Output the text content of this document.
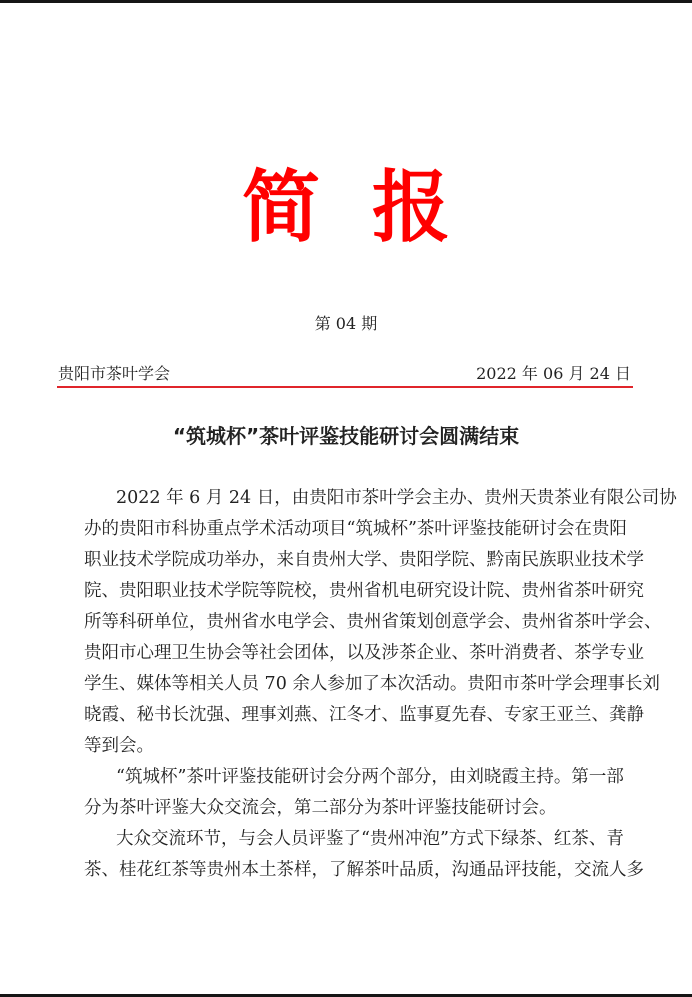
简 报
第 04 期
贵阳市茶叶学会	2022 年 06 月 24 日
“筑城杯”茶叶评鉴技能研讨会圆满结束
2022 年 6 月 24 日，由贵阳市茶叶学会主办、贵州天贵茶业有限公司协
办的贵阳市科协重点学术活动项目“筑城杯”茶叶评鉴技能研讨会在贵阳
职业技术学院成功举办，来自贵州大学、贵阳学院、黔南民族职业技术学
院、贵阳职业技术学院等院校，贵州省机电研究设计院、贵州省茶叶研究
所等科研单位，贵州省水电学会、贵州省策划创意学会、贵州省茶叶学会、
贵阳市心理卫生协会等社会团体，以及涉茶企业、茶叶消费者、茶学专业
学生、媒体等相关人员 70 余人参加了本次活动。贵阳市茶叶学会理事长刘
晓霞、秘书长沈强、理事刘燕、江冬才、监事夏先春、专家王亚兰、龚静
等到会。
“筑城杯”茶叶评鉴技能研讨会分两个部分，由刘晓霞主持。第一部
分为茶叶评鉴大众交流会，第二部分为茶叶评鉴技能研讨会。
大众交流环节，与会人员评鉴了“贵州冲泡”方式下绿茶、红茶、青
茶、桂花红茶等贵州本土茶样，了解茶叶品质，沟通品评技能，交流人多
